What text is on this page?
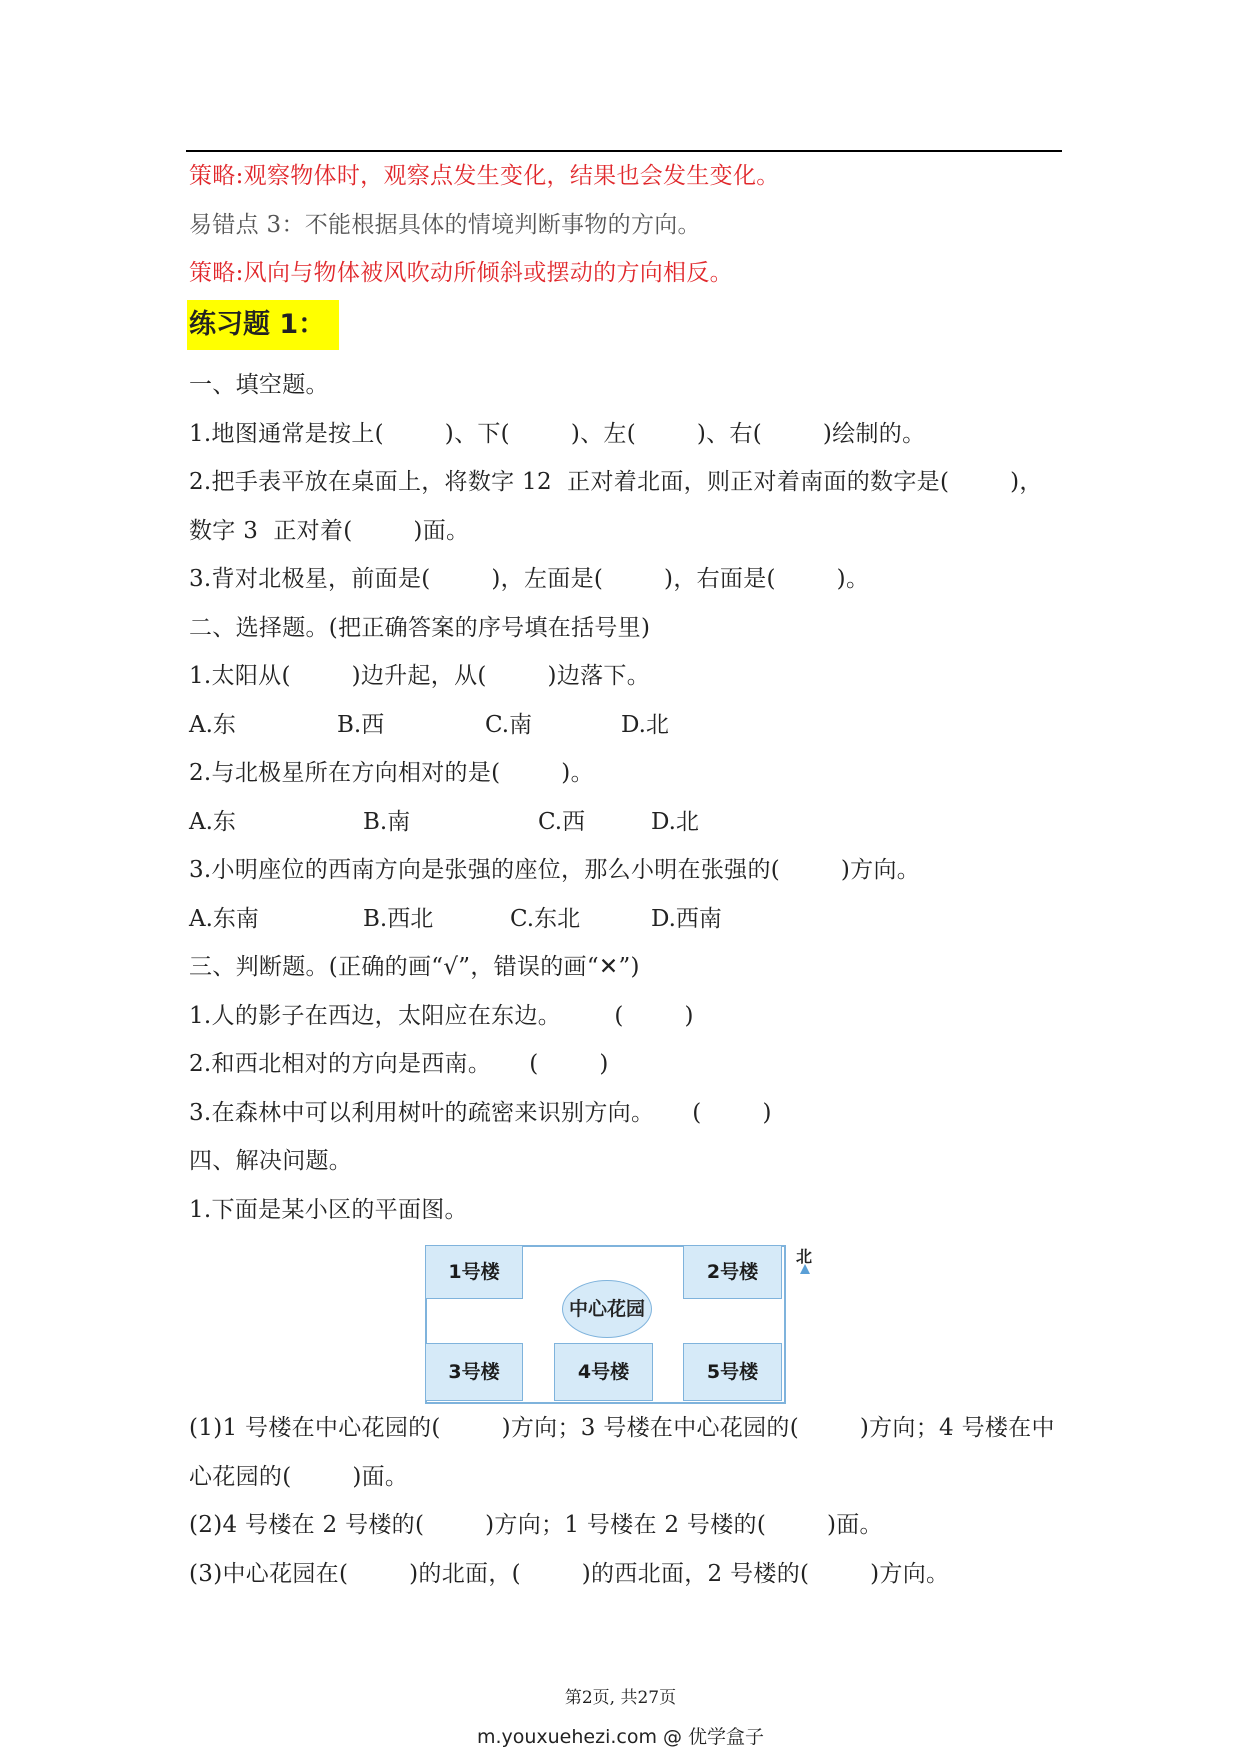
策略:观察物体时，观察点发生变化，结果也会发生变化。
易错点 3：不能根据具体的情境判断事物的方向。
策略:风向与物体被风吹动所倾斜或摆动的方向相反。
练习题 1：
一、填空题。
1.地图通常是按上(        )、下(        )、左(        )、右(        )绘制的。
2.把手表平放在桌面上，将数字 12  正对着北面，则正对着南面的数字是(        )，
数字 3  正对着(        )面。
3.背对北极星，前面是(        )，左面是(        )，右面是(        )。
二、选择题。(把正确答案的序号填在括号里)
1.太阳从(        )边升起，从(        )边落下。
A.东	B.西	C.南	D.北
2.与北极星所在方向相对的是(        )。
A.东	B.南	C.西	D.北
3.小明座位的西南方向是张强的座位，那么小明在张强的(        )方向。
A.东南	B.西北	C.东北	D.西南
三、判断题。(正确的画“√”，错误的画“✕”)
1.人的影子在西边，太阳应在东边。       (        )
2.和西北相对的方向是西南。     (        )
3.在森林中可以利用树叶的疏密来识别方向。     (        )
四、解决问题。
1.下面是某小区的平面图。
1号楼	2号楼
3号楼	4号楼	5号楼
中心花园
北
(1)1 号楼在中心花园的(        )方向；3 号楼在中心花园的(        )方向；4 号楼在中
心花园的(        )面。
(2)4 号楼在 2 号楼的(        )方向；1 号楼在 2 号楼的(        )面。
(3)中心花园在(        )的北面，(        )的西北面，2 号楼的(        )方向。
第2页, 共27页
m.youxuehezi.com @ 优学盒子
